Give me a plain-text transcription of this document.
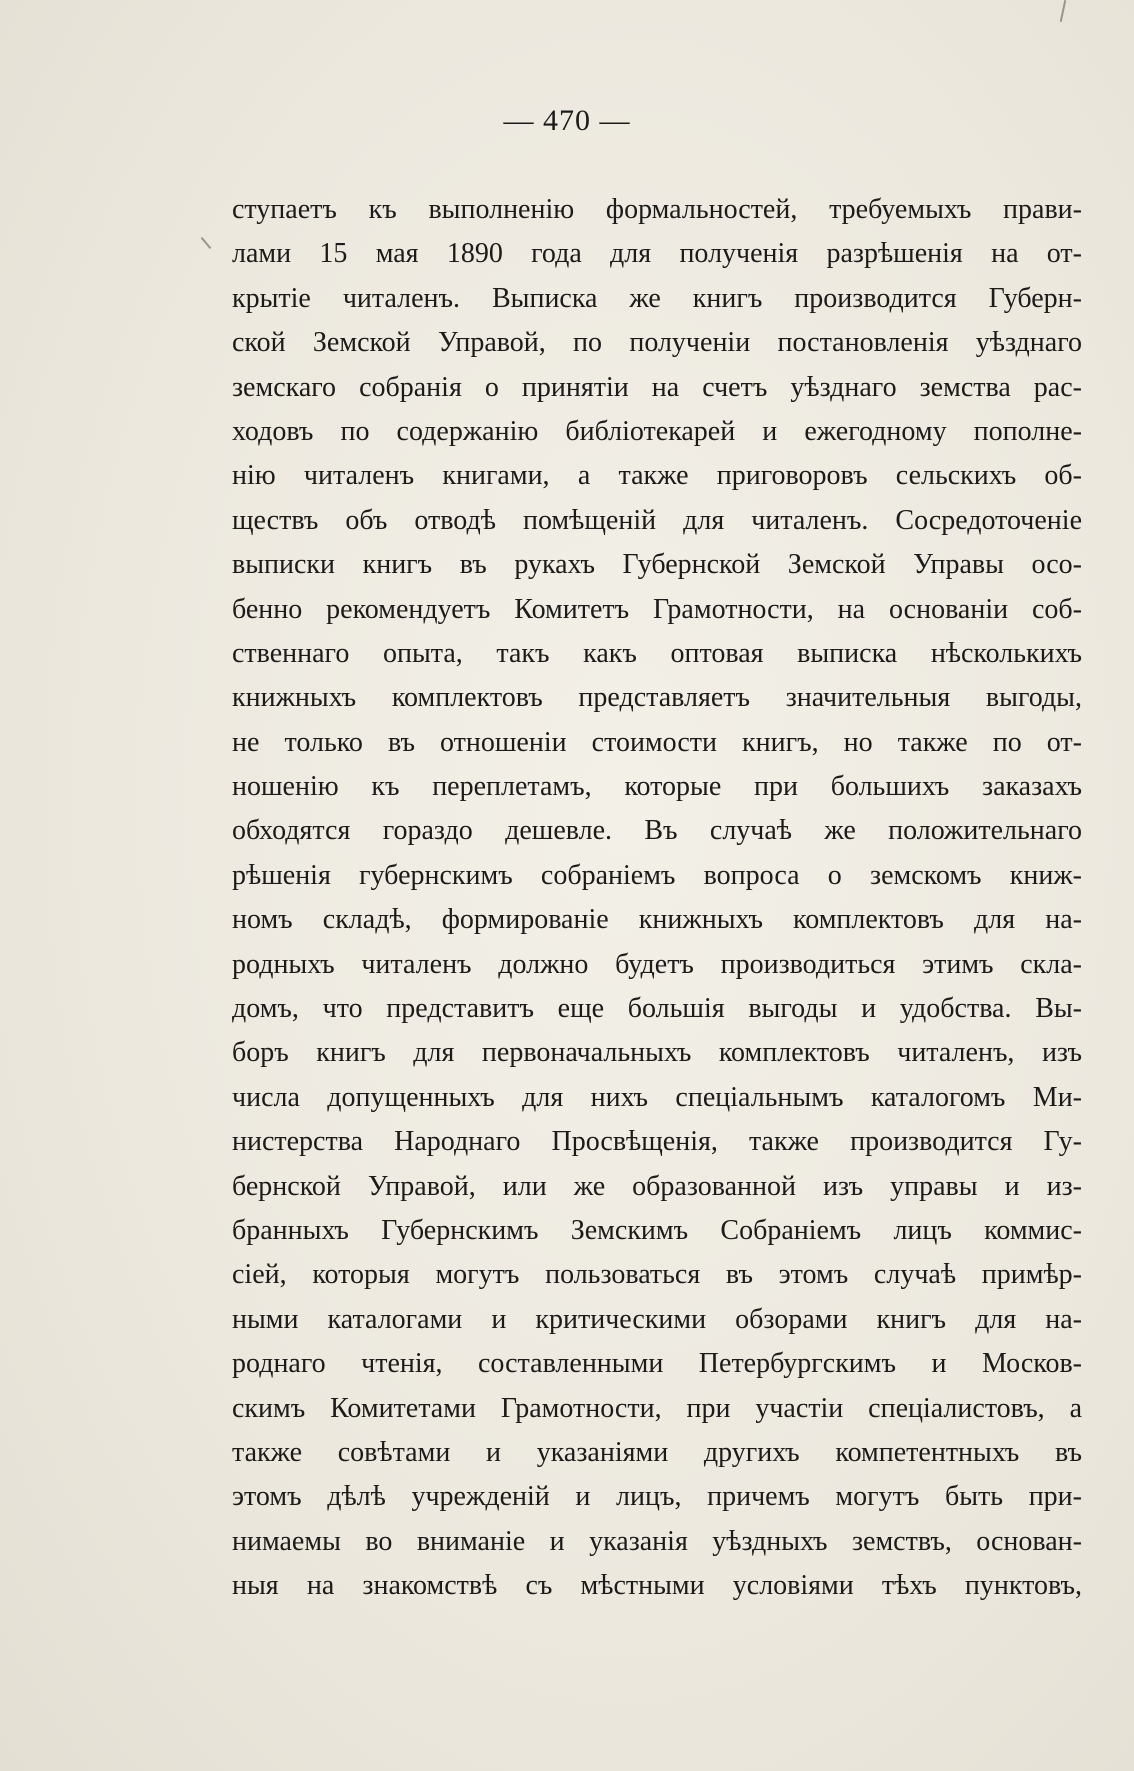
— 470 —
ступаетъ къ выполненію формальностей, требуемыхъ прави-
лами 15 мая 1890 года для полученія разрѣшенія на от-
крытіе читаленъ. Выписка же книгъ производится Губерн-
ской Земской Управой, по полученіи постановленія уѣзднаго
земскаго собранія о принятіи на счетъ уѣзднаго земства рас-
ходовъ по содержанію библіотекарей и ежегодному пополне-
нію читаленъ книгами, а также приговоровъ сельскихъ об-
ществъ объ отводѣ помѣщеній для читаленъ. Сосредоточеніе
выписки книгъ въ рукахъ Губернской Земской Управы осо-
бенно рекомендуетъ Комитетъ Грамотности, на основаніи соб-
ственнаго опыта, такъ какъ оптовая выписка нѣсколькихъ
книжныхъ комплектовъ представляетъ значительныя выгоды,
не только въ отношеніи стоимости книгъ, но также по от-
ношенію къ переплетамъ, которые при большихъ заказахъ
обходятся гораздо дешевле. Въ случаѣ же положительнаго
рѣшенія губернскимъ собраніемъ вопроса о земскомъ книж-
номъ складѣ, формированіе книжныхъ комплектовъ для на-
родныхъ читаленъ должно будетъ производиться этимъ скла-
домъ, что представитъ еще большія выгоды и удобства. Вы-
боръ книгъ для первоначальныхъ комплектовъ читаленъ, изъ
числа допущенныхъ для нихъ спеціальнымъ каталогомъ Ми-
нистерства Народнаго Просвѣщенія, также производится Гу-
бернской Управой, или же образованной изъ управы и из-
бранныхъ Губернскимъ Земскимъ Собраніемъ лицъ коммис-
сіей, которыя могутъ пользоваться въ этомъ случаѣ примѣр-
ными каталогами и критическими обзорами книгъ для на-
роднаго чтенія, составленными Петербургскимъ и Москов-
скимъ Комитетами Грамотности, при участіи спеціалистовъ, а
также совѣтами и указаніями другихъ компетентныхъ въ
этомъ дѣлѣ учрежденій и лицъ, причемъ могутъ быть при-
нимаемы во вниманіе и указанія уѣздныхъ земствъ, основан-
ныя на знакомствѣ съ мѣстными условіями тѣхъ пунктовъ,
